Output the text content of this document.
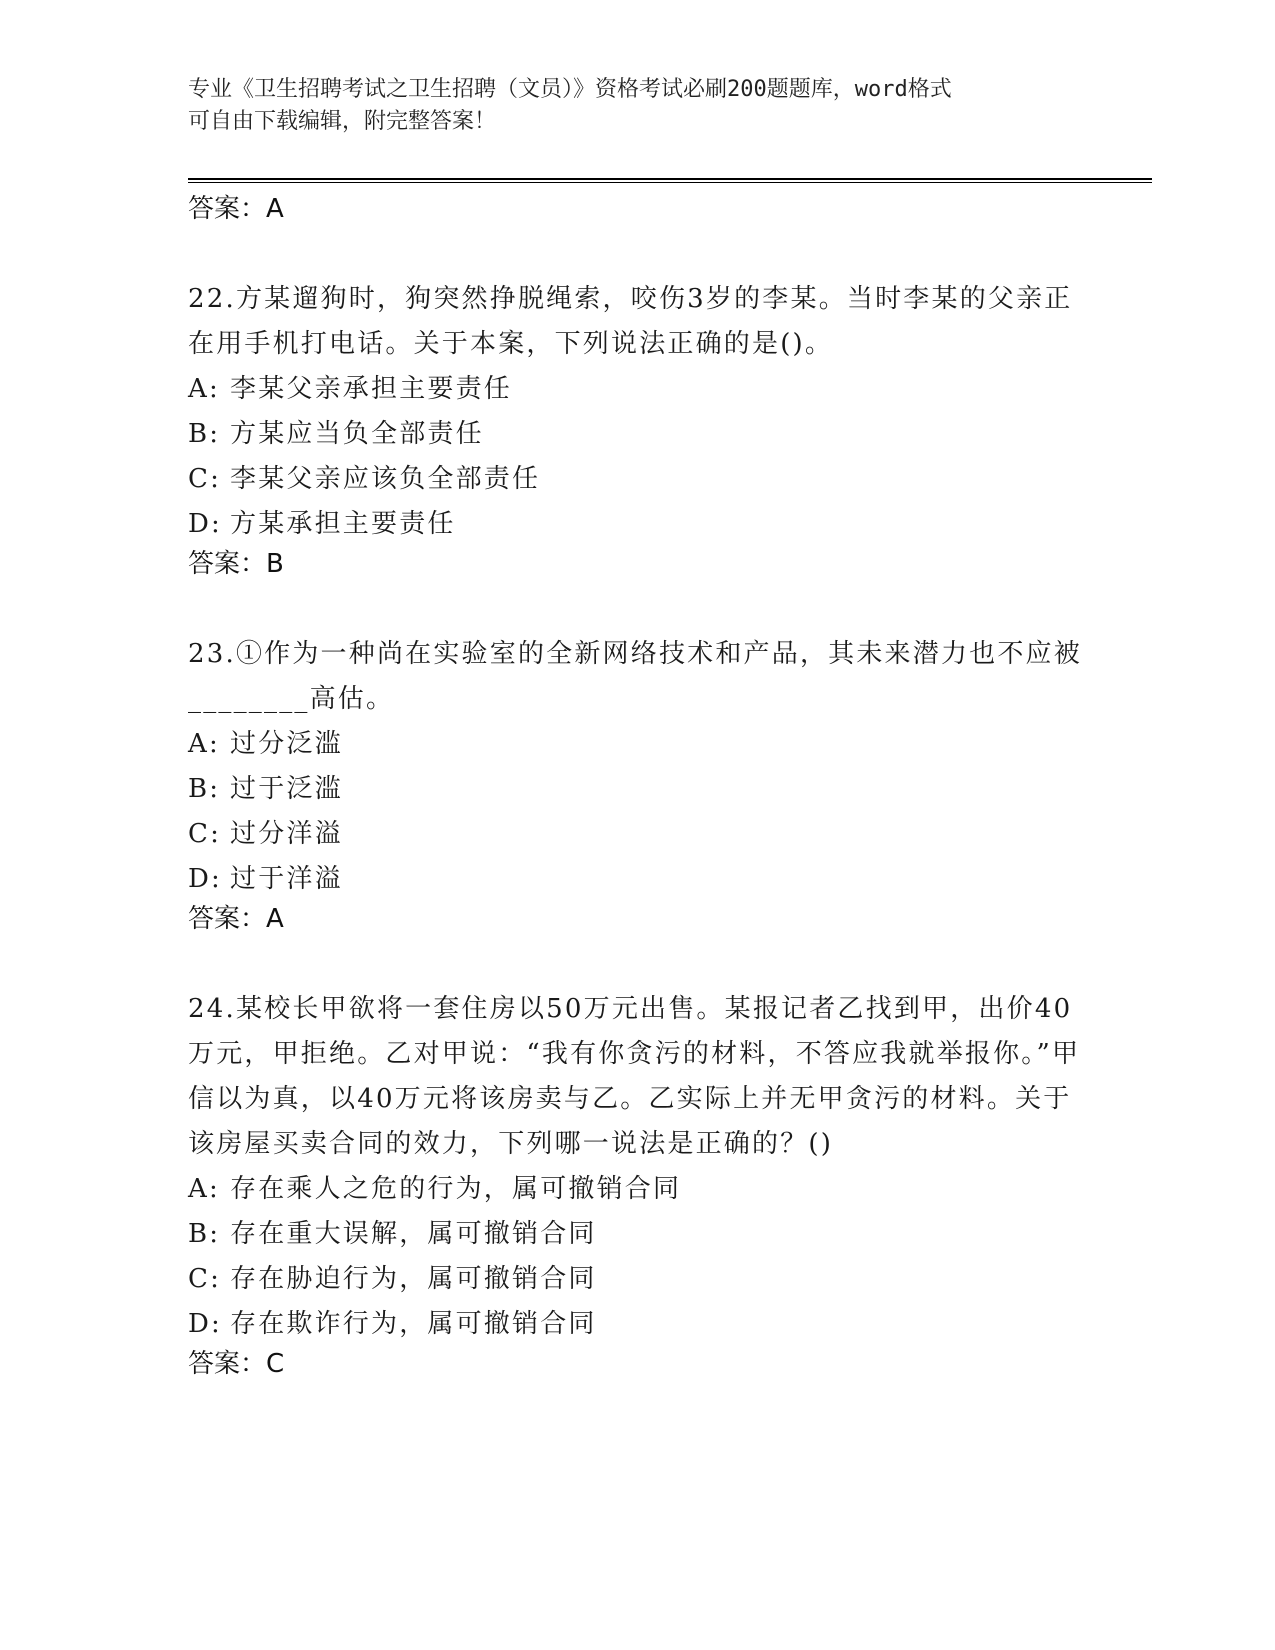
专业《卫生招聘考试之卫生招聘（文员）》资格考试必刷200题题库，word格式
可自由下载编辑，附完整答案！
答案：A

22.方某遛狗时，狗突然挣脱绳索，咬伤3岁的李某。当时李某的父亲正在用手机打电话。关于本案，下列说法正确的是()。

A: 李某父亲承担主要责任
B: 方某应当负全部责任
C: 李某父亲应该负全部责任
D: 方某承担主要责任
答案：B

23.①作为一种尚在实验室的全新网络技术和产品，其未来潜力也不应被________高估。

A: 过分泛滥
B: 过于泛滥
C: 过分洋溢
D: 过于洋溢
答案：A

24.某校长甲欲将一套住房以50万元出售。某报记者乙找到甲，出价40万元，甲拒绝。乙对甲说：“我有你贪污的材料，不答应我就举报你。”甲信以为真，以40万元将该房卖与乙。乙实际上并无甲贪污的材料。关于该房屋买卖合同的效力，下列哪一说法是正确的？()

A: 存在乘人之危的行为，属可撤销合同
B: 存在重大误解，属可撤销合同
C: 存在胁迫行为，属可撤销合同
D: 存在欺诈行为，属可撤销合同
答案：C
